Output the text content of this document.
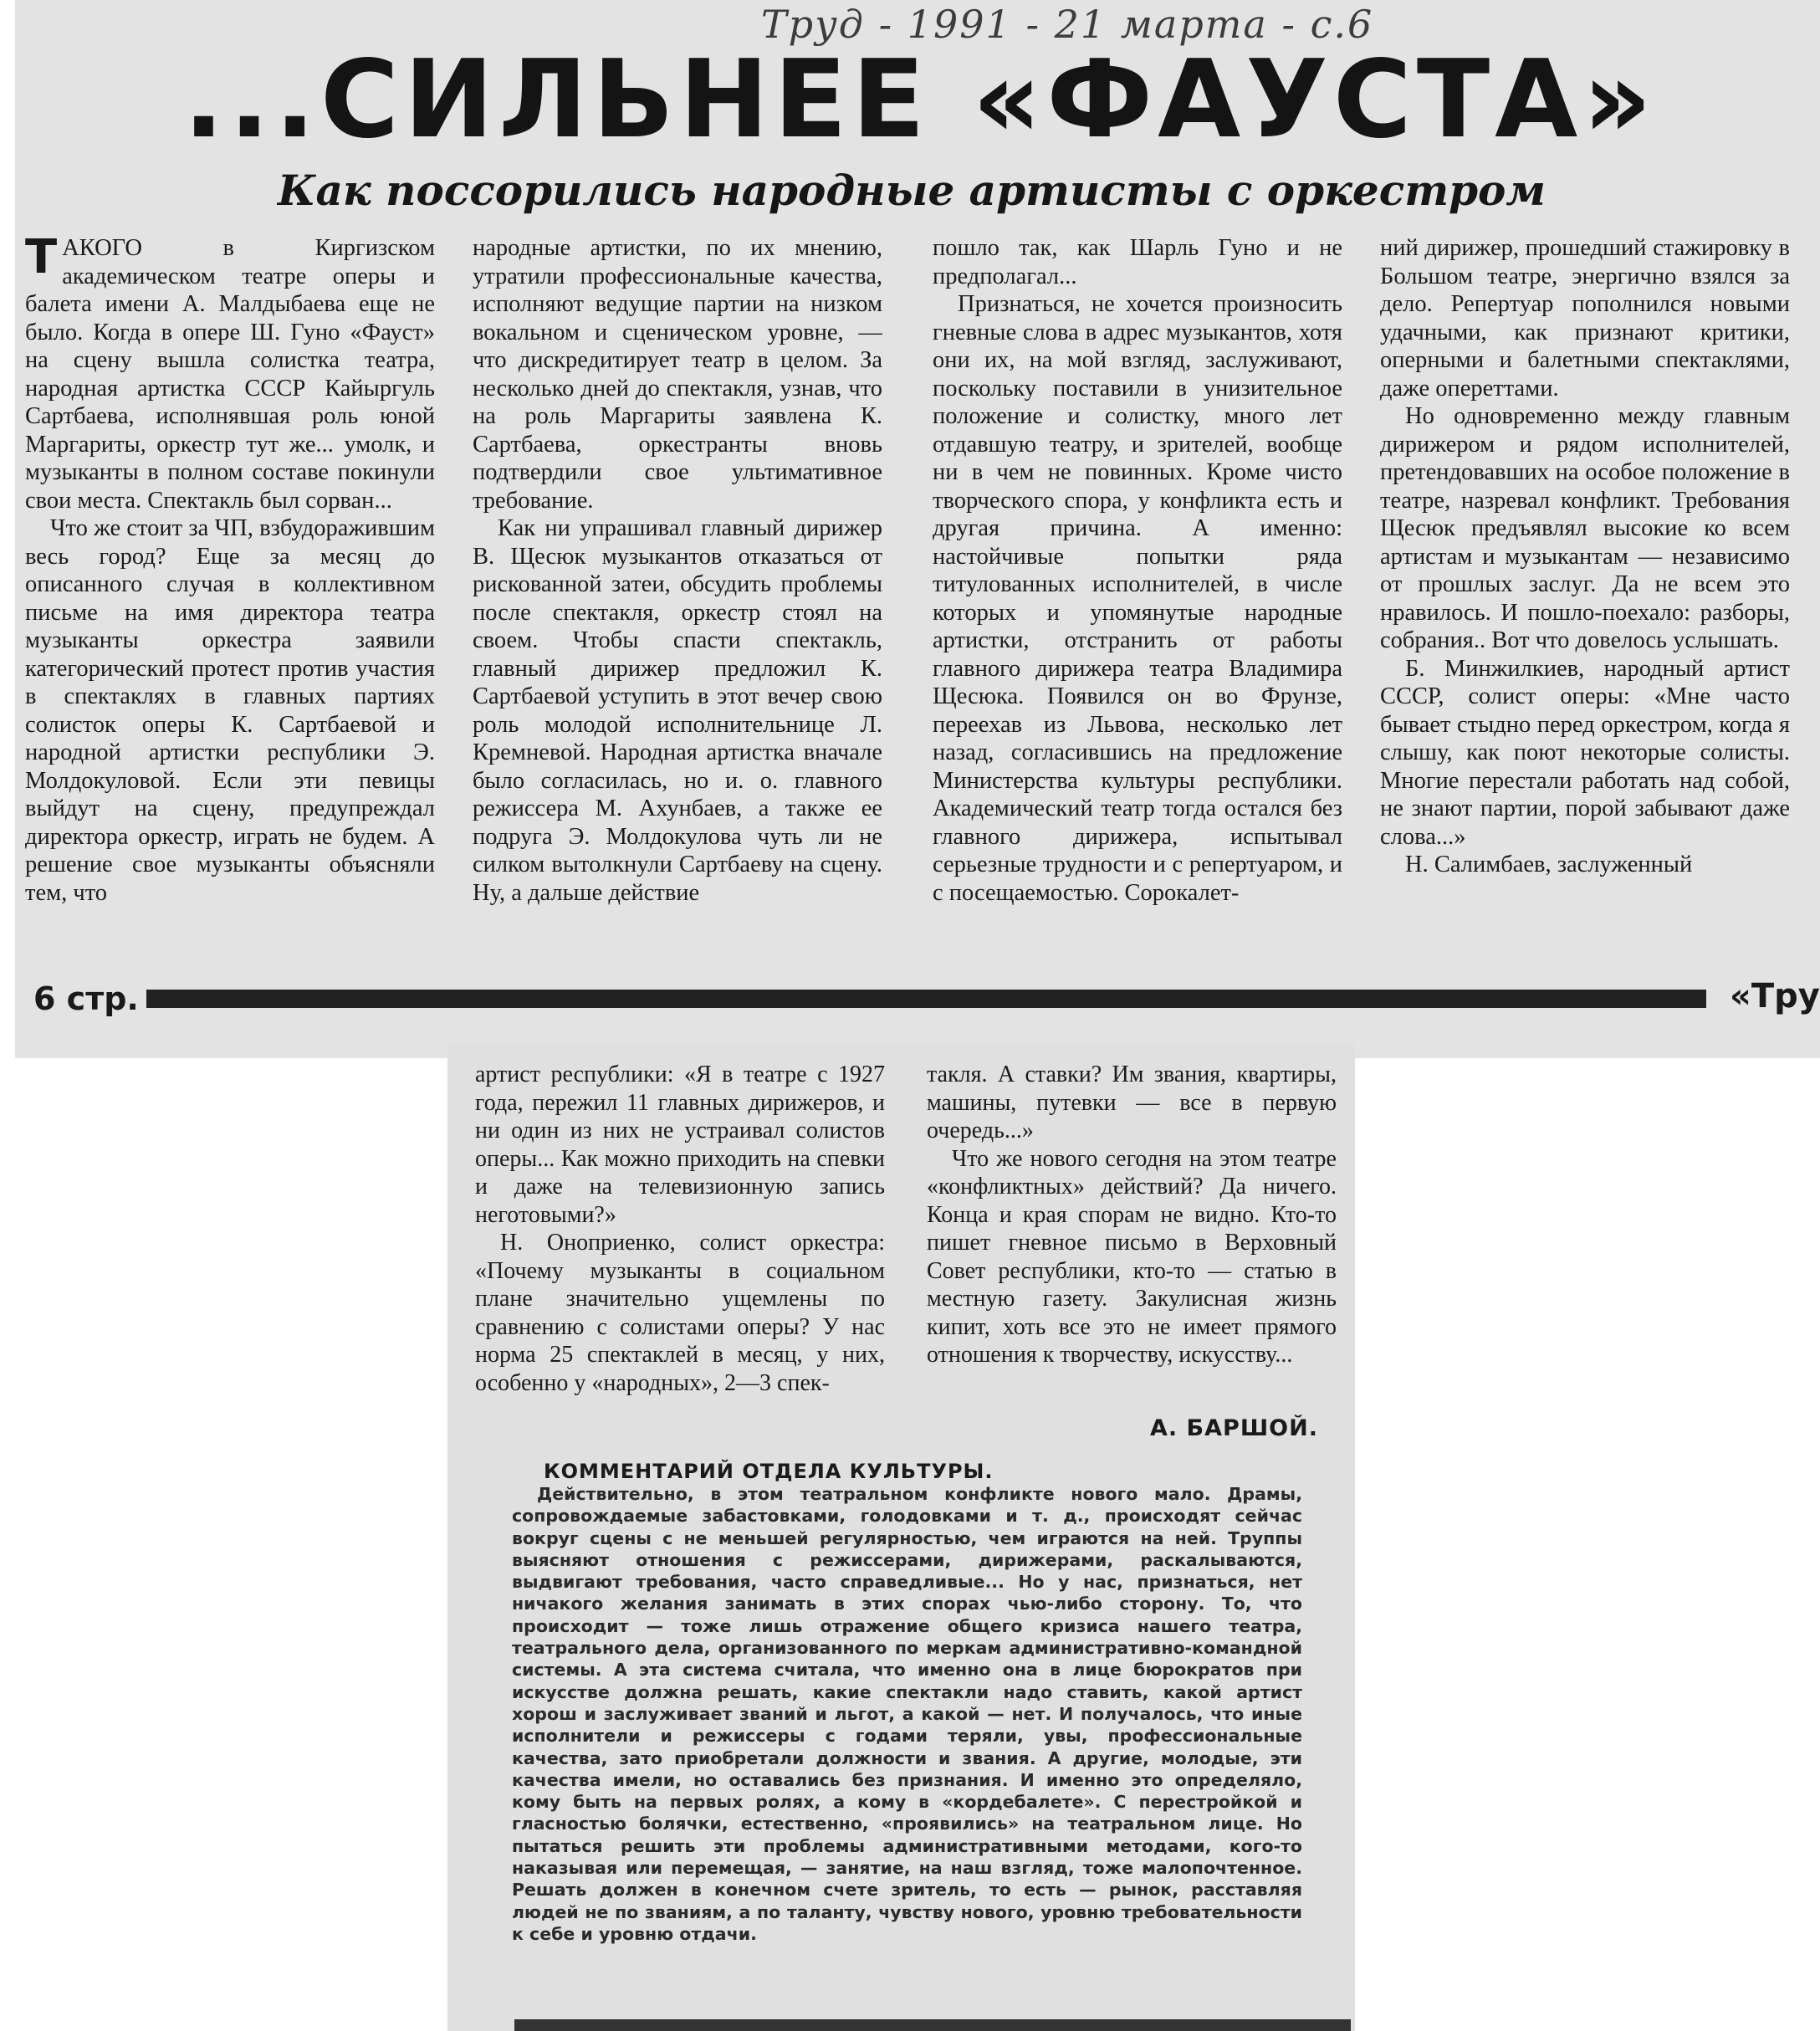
Труд - 1991 - 21 марта - с.6
...СИЛЬНЕЕ «ФАУСТА»
Как поссорились народные артисты с оркестром

ТАКОГО в Киргизском академическом театре оперы и балета имени А. Малдыбаева еще не было. Когда в опере Ш. Гуно «Фауст» на сцену вышла солистка театра, народная артистка СССР Кайыргуль Сартбаева, исполнявшая роль юной Маргариты, оркестр тут же... умолк, и музыканты в полном составе покинули свои места. Спектакль был сорван...

Что же стоит за ЧП, взбудоражившим весь город? Еще за месяц до описанного случая в коллективном письме на имя директора театра музыканты оркестра заявили категорический протест против участия в спектаклях в главных партиях солисток оперы К. Сартбаевой и народной артистки республики Э. Молдокуловой. Если эти певицы выйдут на сцену, предупреждал директора оркестр, играть не будем. А решение свое музыканты объясняли тем, что

народные артистки, по их мнению, утратили профессиональные качества, исполняют ведущие партии на низком вокальном и сценическом уровне, — что дискредитирует театр в целом. За несколько дней до спектакля, узнав, что на роль Маргариты заявлена К. Сартбаева, оркестранты вновь подтвердили свое ультимативное требование.

Как ни упрашивал главный дирижер В. Щесюк музыкантов отказаться от рискованной затеи, обсудить проблемы после спектакля, оркестр стоял на своем. Чтобы спасти спектакль, главный дирижер предложил К. Сартбаевой уступить в этот вечер свою роль молодой исполнительнице Л. Кремневой. Народная артистка вначале было согласилась, но и. о. главного режиссера М. Ахунбаев, а также ее подруга Э. Молдокулова чуть ли не силком вытолкнули Сартбаеву на сцену. Ну, а дальше действие

пошло так, как Шарль Гуно и не предполагал...

Признаться, не хочется произносить гневные слова в адрес музыкантов, хотя они их, на мой взгляд, заслуживают, поскольку поставили в унизительное положение и солистку, много лет отдавшую театру, и зрителей, вообще ни в чем не повинных. Кроме чисто творческого спора, у конфликта есть и другая причина. А именно: настойчивые попытки ряда титулованных исполнителей, в числе которых и упомянутые народные артистки, отстранить от работы главного дирижера театра Владимира Щесюка. Появился он во Фрунзе, переехав из Львова, несколько лет назад, согласившись на предложение Министерства культуры республики. Академический театр тогда остался без главного дирижера, испытывал серьезные трудности и с репертуаром, и с посещаемостью. Сорокалет-

ний дирижер, прошедший стажировку в Большом театре, энергично взялся за дело. Репертуар пополнился новыми удачными, как признают критики, оперными и балетными спектаклями, даже опереттами.

Но одновременно между главным дирижером и рядом исполнителей, претендовавших на особое положение в театре, назревал конфликт. Требования Щесюк предъявлял высокие ко всем артистам и музыкантам — независимо от прошлых заслуг. Да не всем это нравилось. И пошло-поехало: разборы, собрания.. Вот что довелось услышать.

Б. Минжилкиев, народный артист СССР, солист оперы: «Мне часто бывает стыдно перед оркестром, когда я слышу, как поют некоторые солисты. Многие перестали работать над собой, не знают партии, порой забывают даже слова...»

Н. Салимбаев, заслуженный

6 стр.	«Тру

артист республики: «Я в театре с 1927 года, пережил 11 главных дирижеров, и ни один из них не устраивал солистов оперы... Как можно приходить на спевки и даже на телевизионную запись неготовыми?»

Н. Оноприенко, солист оркестра: «Почему музыканты в социальном плане значительно ущемлены по сравнению с солистами оперы? У нас норма 25 спектаклей в месяц, у них, особенно у «народных», 2—3 спек-

такля. А ставки? Им звания, квартиры, машины, путевки — все в первую очередь...»

Что же нового сегодня на этом театре «конфликтных» действий? Да ничего. Конца и края спорам не видно. Кто-то пишет гневное письмо в Верховный Совет республики, кто-то — статью в местную газету. Закулисная жизнь кипит, хоть все это не имеет прямого отношения к творчеству, искусству...

А. БАРШОЙ.
КОММЕНТАРИЙ ОТДЕЛА КУЛЬТУРЫ.
Действительно, в этом театральном конфликте нового мало. Драмы, сопровождаемые забастовками, голодовками и т. д., происходят сейчас вокруг сцены с не меньшей регулярностью, чем играются на ней. Труппы выясняют отношения с режиссерами, дирижерами, раскалываются, выдвигают требования, часто справедливые... Но у нас, признаться, нет ничакого желания занимать в этих спорах чью-либо сторону. То, что происходит — тоже лишь отражение общего кризиса нашего театра, театрального дела, организованного по меркам административно-командной системы. А эта система считала, что именно она в лице бюрократов при искусстве должна решать, какие спектакли надо ставить, какой артист хорош и заслуживает званий и льгот, а какой — нет. И получалось, что иные исполнители и режиссеры с годами теряли, увы, профессиональные качества, зато приобретали должности и звания. А другие, молодые, эти качества имели, но оставались без признания. И именно это определяло, кому быть на первых ролях, а кому в «кордебалете». С перестройкой и гласностью болячки, естественно, «проявились» на театральном лице. Но пытаться решить эти проблемы административными методами, кого-то наказывая или перемещая, — занятие, на наш взгляд, тоже малопочтенное. Решать должен в конечном счете зритель, то есть — рынок, расставляя людей не по званиям, а по таланту, чувству нового, уровню требовательности к себе и уровню отдачи.
